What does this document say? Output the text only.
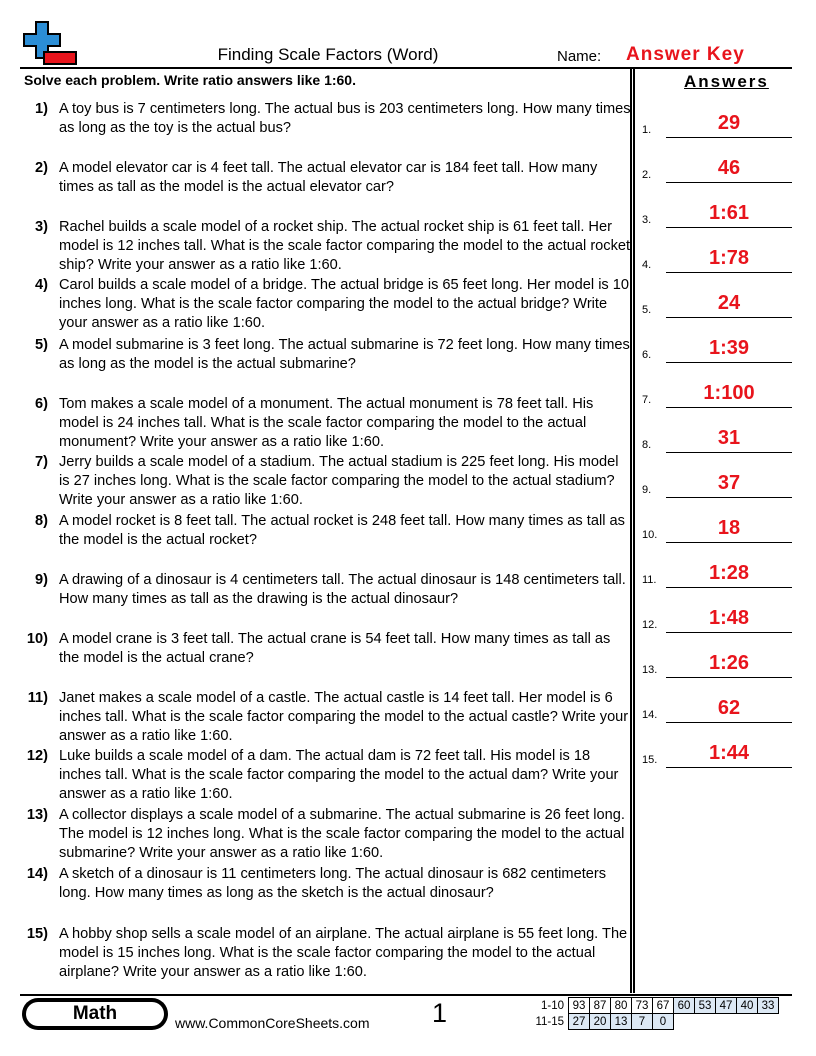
Finding Scale Factors (Word)	Name: Answer Key
Solve each problem. Write ratio answers like 1:60.	Answers
1) A toy bus is 7 centimeters long. The actual bus is 203 centimeters long. How many times as long as the toy is the actual bus?
2) A model elevator car is 4 feet tall. The actual elevator car is 184 feet tall. How many times as tall as the model is the actual elevator car?
3) Rachel builds a scale model of a rocket ship. The actual rocket ship is 61 feet tall. Her model is 12 inches tall. What is the scale factor comparing the model to the actual rocket ship? Write your answer as a ratio like 1:60.
4) Carol builds a scale model of a bridge. The actual bridge is 65 feet long. Her model is 10 inches long. What is the scale factor comparing the model to the actual bridge? Write your answer as a ratio like 1:60.
5) A model submarine is 3 feet long. The actual submarine is 72 feet long. How many times as long as the model is the actual submarine?
6) Tom makes a scale model of a monument. The actual monument is 78 feet tall. His model is 24 inches tall. What is the scale factor comparing the model to the actual monument? Write your answer as a ratio like 1:60.
7) Jerry builds a scale model of a stadium. The actual stadium is 225 feet long. His model is 27 inches long. What is the scale factor comparing the model to the actual stadium? Write your answer as a ratio like 1:60.
8) A model rocket is 8 feet tall. The actual rocket is 248 feet tall. How many times as tall as the model is the actual rocket?
9) A drawing of a dinosaur is 4 centimeters tall. The actual dinosaur is 148 centimeters tall. How many times as tall as the drawing is the actual dinosaur?
10) A model crane is 3 feet tall. The actual crane is 54 feet tall. How many times as tall as the model is the actual crane?
11) Janet makes a scale model of a castle. The actual castle is 14 feet tall. Her model is 6 inches tall. What is the scale factor comparing the model to the actual castle? Write your answer as a ratio like 1:60.
12) Luke builds a scale model of a dam. The actual dam is 72 feet tall. His model is 18 inches tall. What is the scale factor comparing the model to the actual dam? Write your answer as a ratio like 1:60.
13) A collector displays a scale model of a submarine. The actual submarine is 26 feet long. The model is 12 inches long. What is the scale factor comparing the model to the actual submarine? Write your answer as a ratio like 1:60.
14) A sketch of a dinosaur is 11 centimeters long. The actual dinosaur is 682 centimeters long. How many times as long as the sketch is the actual dinosaur?
15) A hobby shop sells a scale model of an airplane. The actual airplane is 55 feet long. The model is 15 inches long. What is the scale factor comparing the model to the actual airplane? Write your answer as a ratio like 1:60.
1.	29
2.	46
3.	1:61
4.	1:78
5.	24
6.	1:39
7.	1:100
8.	31
9.	37
10.	18
11.	1:28
12.	1:48
13.	1:26
14.	62
15.	1:44
Math	www.CommonCoreSheets.com 1	1-10	93	87	80	73	67	60	53	47	40	33
11-15	27	20	13	7	0					
